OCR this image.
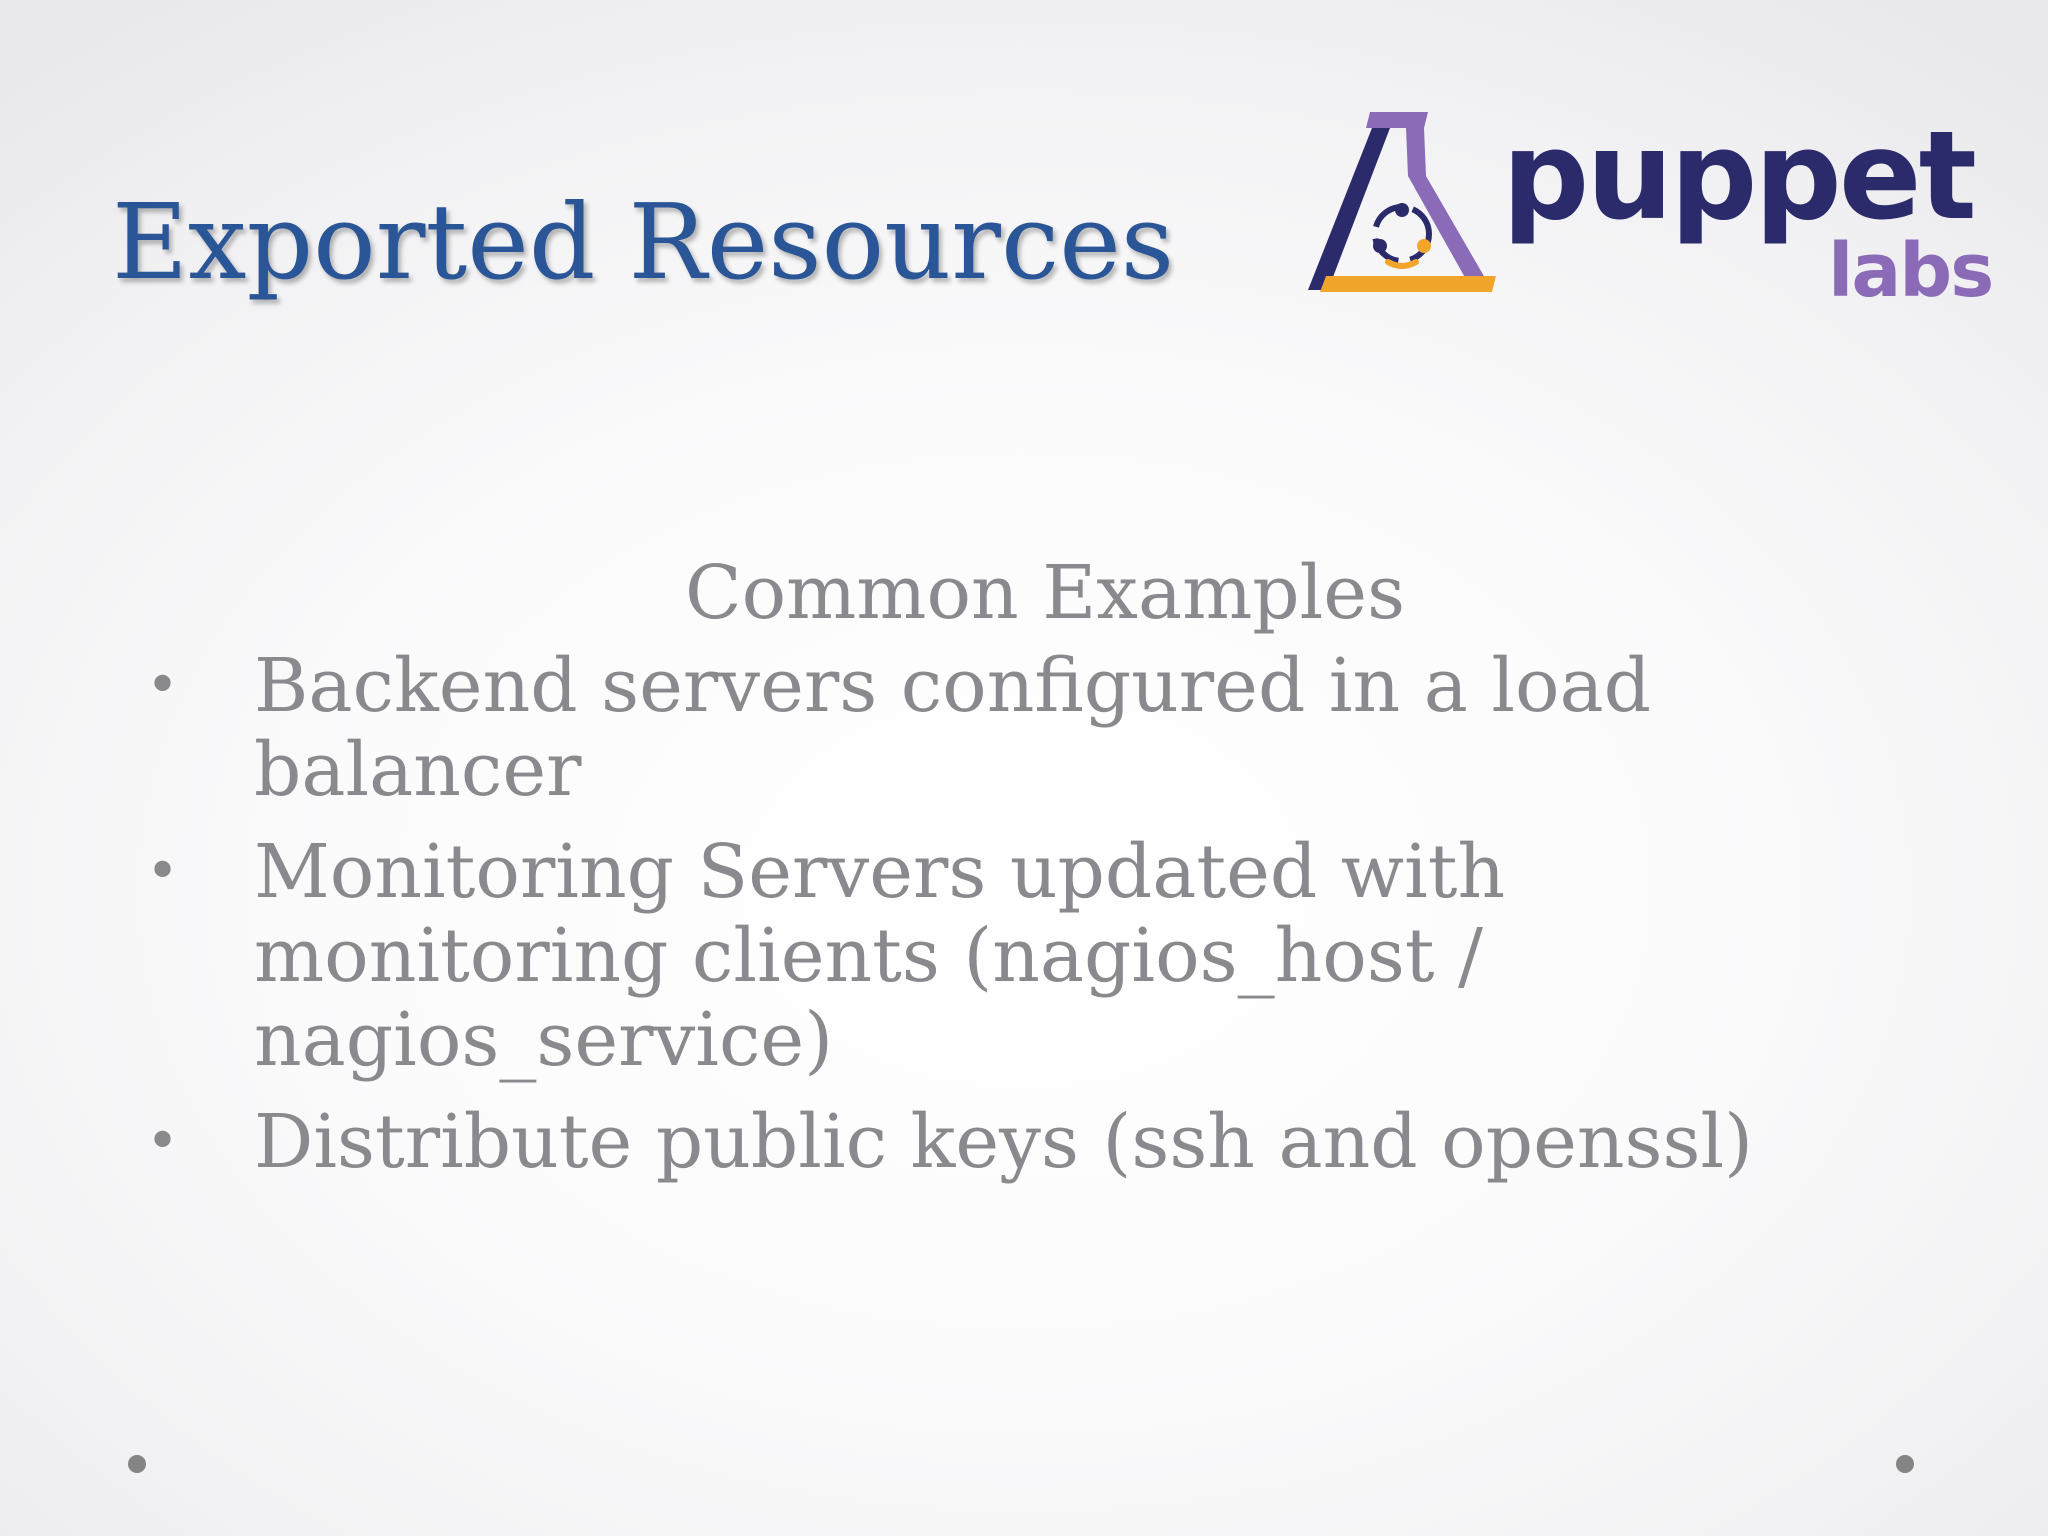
Exported Resources	puppet
labs
Common Examples
• Backend servers configured in a load balancer
• Monitoring Servers updated with monitoring clients (nagios_host / nagios_service)
• Distribute public keys (ssh and openssl)
